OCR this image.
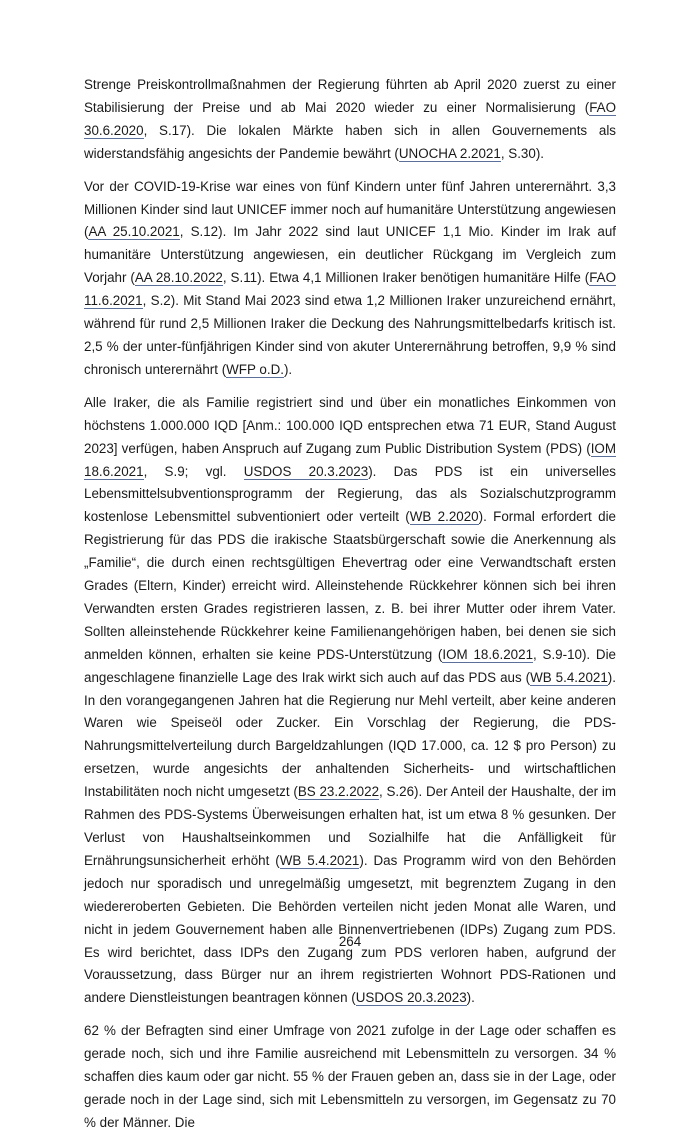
Strenge Preiskontrollmaßnahmen der Regierung führten ab April 2020 zuerst zu einer Stabilisierung der Preise und ab Mai 2020 wieder zu einer Normalisierung (FAO 30.6.2020, S.17). Die lokalen Märkte haben sich in allen Gouvernements als widerstandsfähig angesichts der Pandemie bewährt (UNOCHA 2.2021, S.30).

Vor der COVID-19-Krise war eines von fünf Kindern unter fünf Jahren unterernährt. 3,3 Millionen Kinder sind laut UNICEF immer noch auf humanitäre Unterstützung angewiesen (AA 25.10.2021, S.12). Im Jahr 2022 sind laut UNICEF 1,1 Mio. Kinder im Irak auf humanitäre Unterstützung angewiesen, ein deutlicher Rückgang im Vergleich zum Vorjahr (AA 28.10.2022, S.11). Etwa 4,1 Millionen Iraker benötigen humanitäre Hilfe (FAO 11.6.2021, S.2). Mit Stand Mai 2023 sind etwa 1,2 Millionen Iraker unzureichend ernährt, während für rund 2,5 Millionen Iraker die Deckung des Nahrungsmittelbedarfs kritisch ist. 2,5 % der unter-fünfjährigen Kinder sind von akuter Unterernährung betroffen, 9,9 % sind chronisch unterernährt (WFP o.D.).

Alle Iraker, die als Familie registriert sind und über ein monatliches Einkommen von höchstens 1.000.000 IQD [Anm.: 100.000 IQD entsprechen etwa 71 EUR, Stand August 2023] verfügen, haben Anspruch auf Zugang zum Public Distribution System (PDS) (IOM 18.6.2021, S.9; vgl. USDOS 20.3.2023). Das PDS ist ein universelles Lebensmittelsubventionsprogramm der Regierung, das als Sozialschutzprogramm kostenlose Lebensmittel subventioniert oder verteilt (WB 2.2020). Formal erfordert die Registrierung für das PDS die irakische Staatsbürgerschaft sowie die Anerkennung als „Familie“, die durch einen rechtsgültigen Ehevertrag oder eine Verwandtschaft ersten Grades (Eltern, Kinder) erreicht wird. Alleinstehende Rückkehrer können sich bei ihren Verwandten ersten Grades registrieren lassen, z. B. bei ihrer Mutter oder ihrem Vater. Sollten alleinstehende Rückkehrer keine Familienangehörigen haben, bei denen sie sich anmelden können, erhalten sie keine PDS-Unterstützung (IOM 18.6.2021, S.9-10). Die angeschlagene finanzielle Lage des Irak wirkt sich auch auf das PDS aus (WB 5.4.2021). In den vorangegangenen Jahren hat die Regierung nur Mehl verteilt, aber keine anderen Waren wie Speiseöl oder Zucker. Ein Vorschlag der Regierung, die PDS-Nahrungsmittelverteilung durch Bargeldzahlungen (IQD 17.000, ca. 12 $ pro Person) zu ersetzen, wurde angesichts der anhaltenden Sicherheits- und wirtschaftlichen Instabilitäten noch nicht umgesetzt (BS 23.2.2022, S.26). Der Anteil der Haushalte, der im Rahmen des PDS-Systems Überweisungen erhalten hat, ist um etwa 8 % gesunken. Der Verlust von Haushaltseinkommen und Sozialhilfe hat die Anfälligkeit für Ernährungsunsicherheit erhöht (WB 5.4.2021). Das Programm wird von den Behörden jedoch nur sporadisch und unregelmäßig umgesetzt, mit begrenztem Zugang in den wiedereroberten Gebieten. Die Behörden verteilen nicht jeden Monat alle Waren, und nicht in jedem Gouvernement haben alle Binnenvertriebenen (IDPs) Zugang zum PDS. Es wird berichtet, dass IDPs den Zugang zum PDS verloren haben, aufgrund der Voraussetzung, dass Bürger nur an ihrem registrierten Wohnort PDS-Rationen und andere Dienstleistungen beantragen können (USDOS 20.3.2023).

62 % der Befragten sind einer Umfrage von 2021 zufolge in der Lage oder schaffen es gerade noch, sich und ihre Familie ausreichend mit Lebensmitteln zu versorgen. 34 % schaffen dies kaum oder gar nicht. 55 % der Frauen geben an, dass sie in der Lage, oder gerade noch in der Lage sind, sich mit Lebensmitteln zu versorgen, im Gegensatz zu 70 % der Männer. Die

264
